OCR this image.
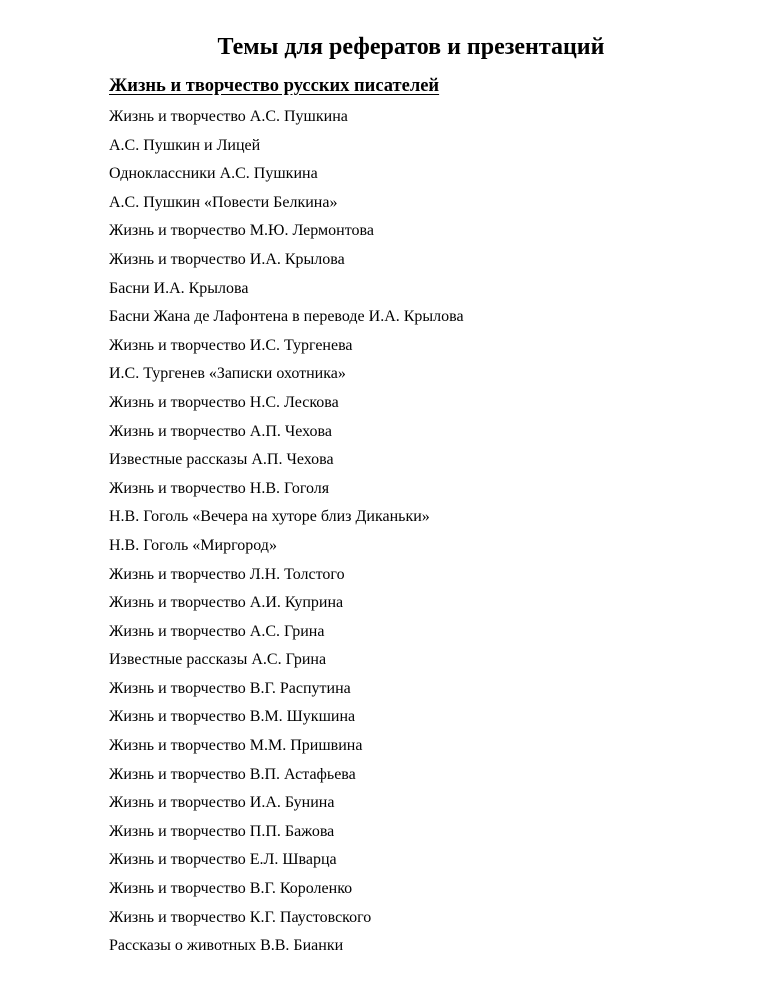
Темы для рефератов и презентаций
Жизнь и творчество русских писателей
Жизнь и творчество А.С. Пушкина
А.С. Пушкин и Лицей
Одноклассники А.С. Пушкина
А.С. Пушкин «Повести Белкина»
Жизнь и творчество М.Ю. Лермонтова
Жизнь и творчество И.А. Крылова
Басни И.А. Крылова
Басни Жана де Лафонтена в переводе И.А. Крылова
Жизнь и творчество И.С. Тургенева
И.С. Тургенев «Записки охотника»
Жизнь и творчество Н.С. Лескова
Жизнь и творчество А.П. Чехова
Известные рассказы А.П. Чехова
Жизнь и творчество Н.В. Гоголя
Н.В. Гоголь «Вечера на хуторе близ Диканьки»
Н.В. Гоголь «Миргород»
Жизнь и творчество Л.Н. Толстого
Жизнь и творчество А.И. Куприна
Жизнь и творчество А.С. Грина
Известные рассказы А.С. Грина
Жизнь и творчество В.Г. Распутина
Жизнь и творчество В.М. Шукшина
Жизнь и творчество М.М. Пришвина
Жизнь и творчество В.П. Астафьева
Жизнь и творчество И.А. Бунина
Жизнь и творчество П.П. Бажова
Жизнь и творчество Е.Л. Шварца
Жизнь и творчество В.Г. Короленко
Жизнь и творчество К.Г. Паустовского
Рассказы о животных В.В. Бианки
